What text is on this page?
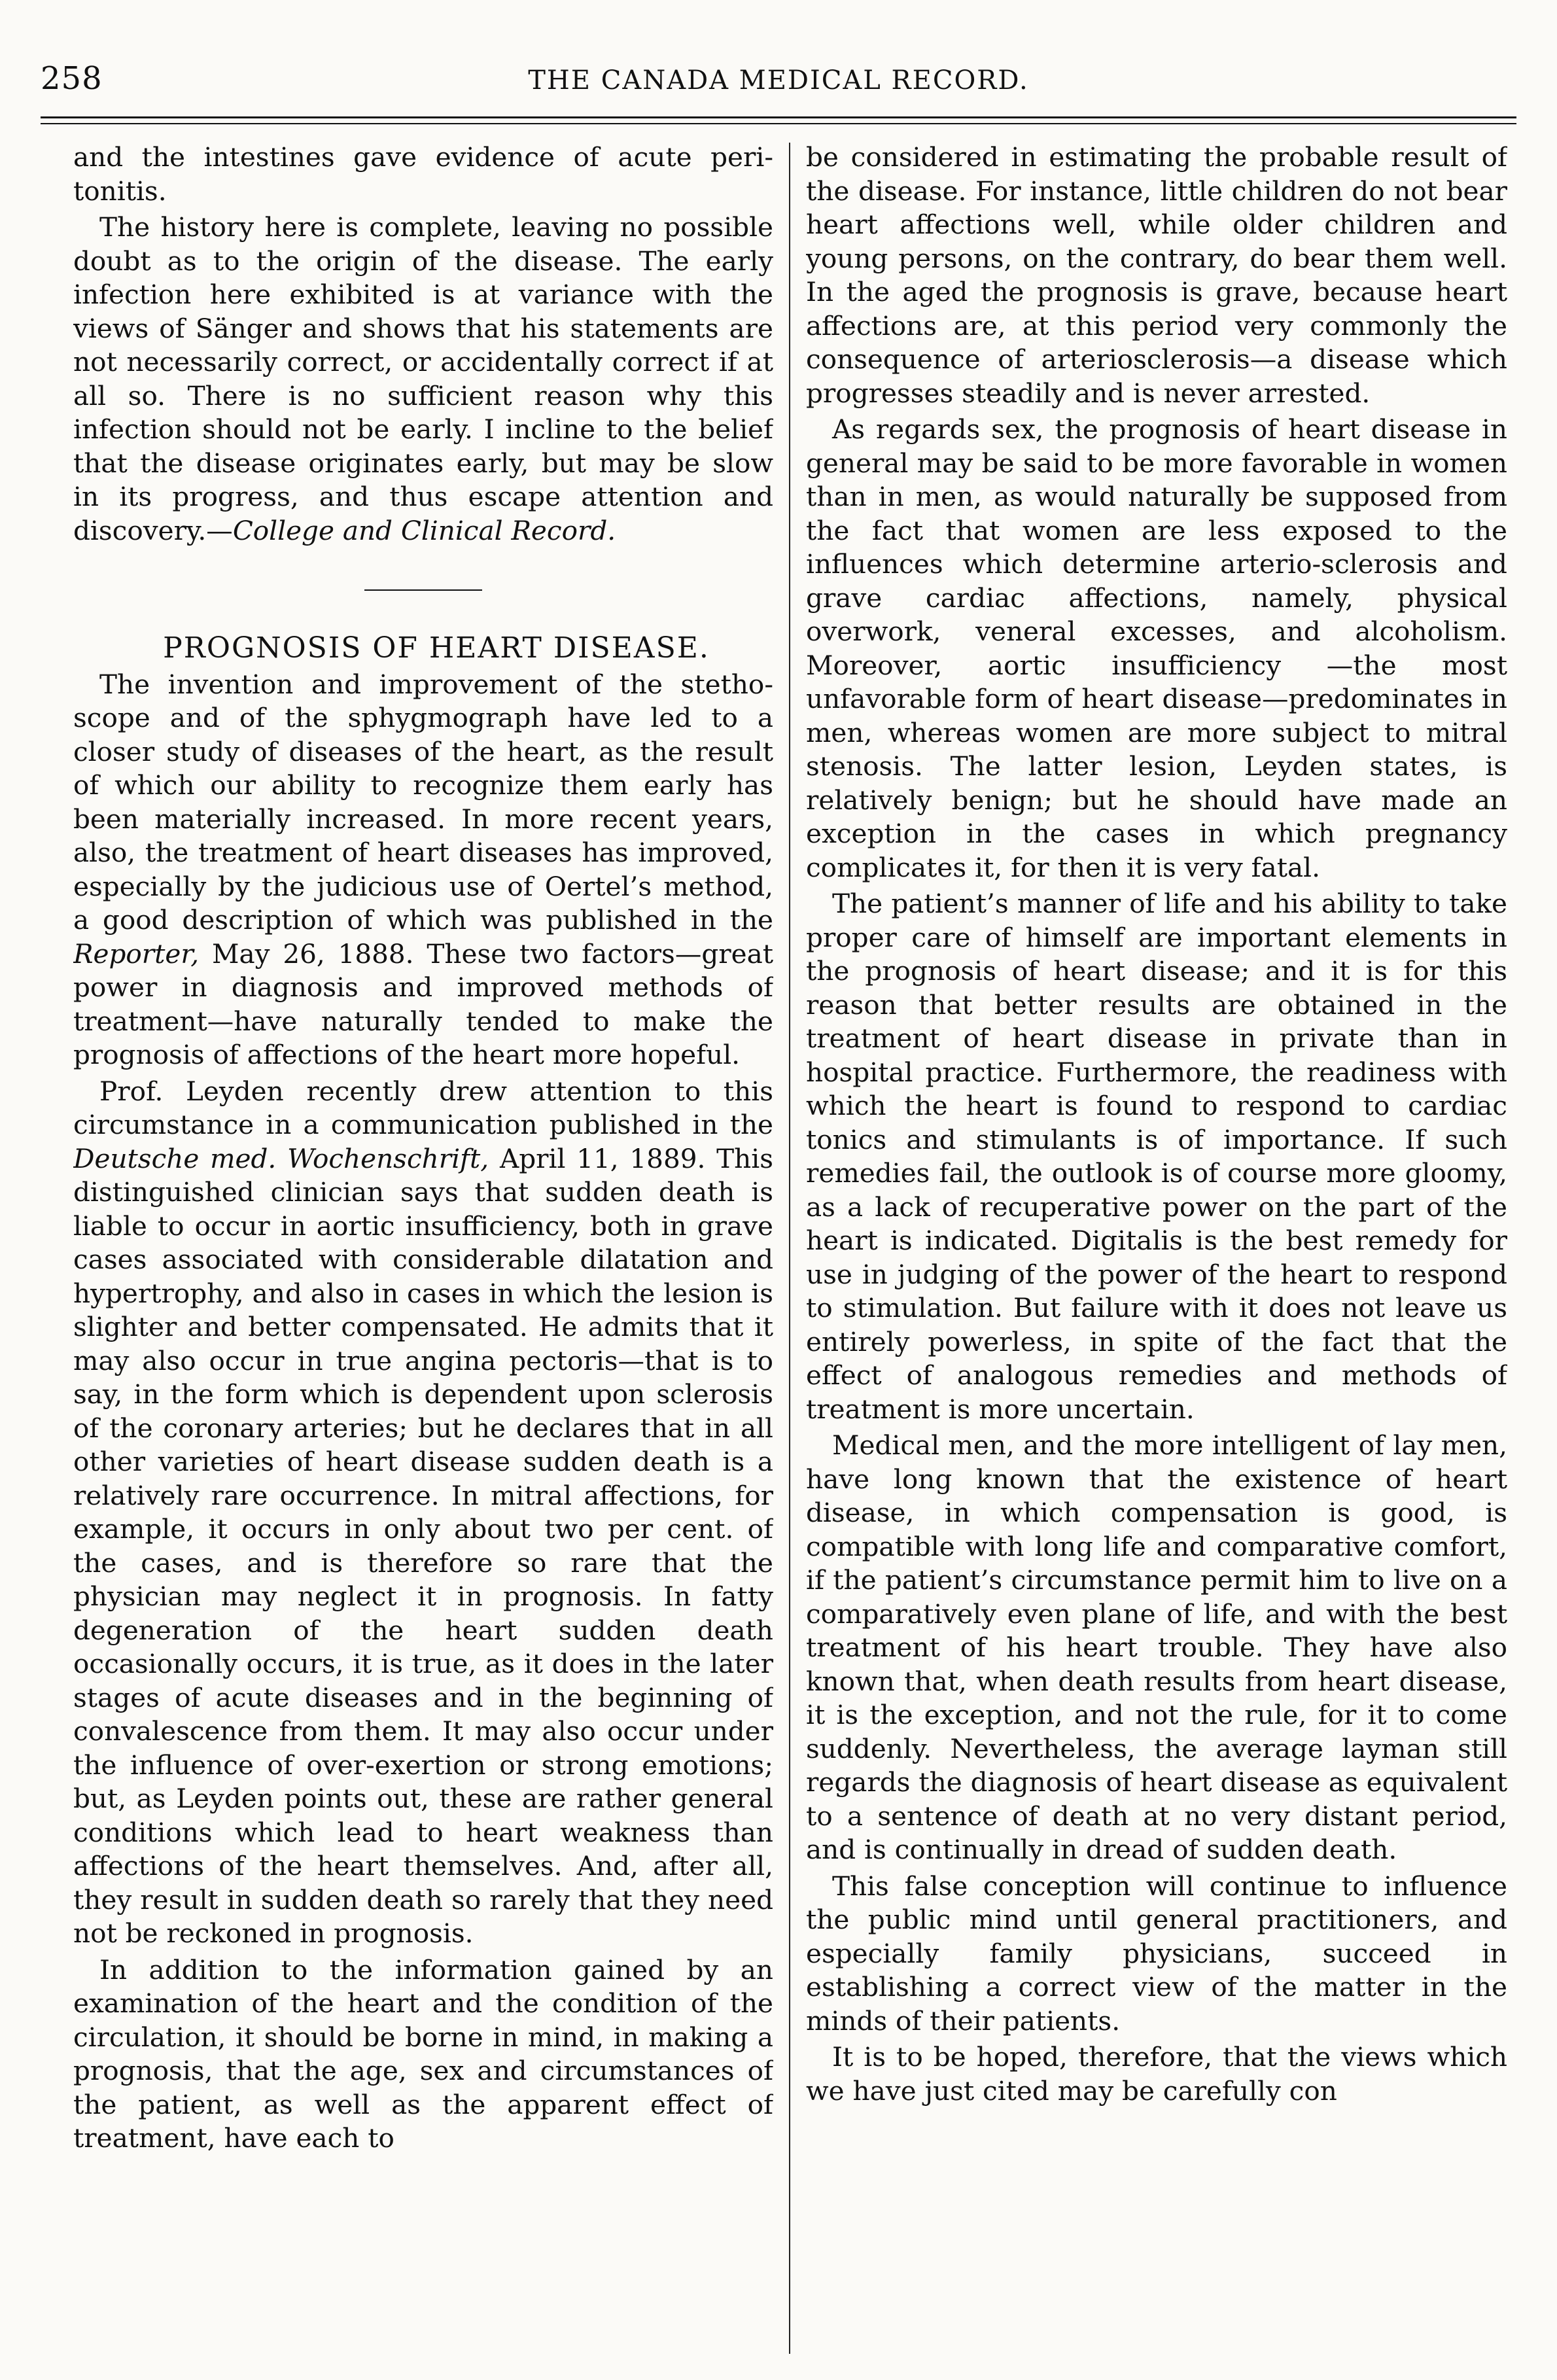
258	THE CANADA MEDICAL RECORD.

and the intestines gave evidence of acute peritonitis.

The history here is complete, leaving no possible doubt as to the origin of the disease. The early infection here exhibited is at variance with the views of Sänger and shows that his statements are not necessarily correct, or accidentally correct if at all so. There is no sufficient reason why this infection should not be early. I incline to the belief that the disease originates early, but may be slow in its progress, and thus escape attention and discovery.—College and Clinical Record.

PROGNOSIS OF HEART DISEASE.

The invention and improvement of the stethoscope and of the sphygmograph have led to a closer study of diseases of the heart, as the result of which our ability to recognize them early has been materially increased. In more recent years, also, the treatment of heart diseases has improved, especially by the judicious use of Oertel’s method, a good description of which was published in the Reporter, May 26, 1888. These two factors—great power in diagnosis and improved methods of treatment—have naturally tended to make the prognosis of affections of the heart more hopeful.

Prof. Leyden recently drew attention to this circumstance in a communication published in the Deutsche med. Wochenschrift, April 11, 1889. This distinguished clinician says that sudden death is liable to occur in aortic insufficiency, both in grave cases associated with considerable dilatation and hypertrophy, and also in cases in which the lesion is slighter and better compensated. He admits that it may also occur in true angina pectoris—that is to say, in the form which is dependent upon sclerosis of the coronary arteries; but he declares that in all other varieties of heart disease sudden death is a relatively rare occurrence. In mitral affections, for example, it occurs in only about two per cent. of the cases, and is therefore so rare that the physician may neglect it in prognosis. In fatty degeneration of the heart sudden death occasionally occurs, it is true, as it does in the later stages of acute diseases and in the beginning of convalescence from them. It may also occur under the influence of over-exertion or strong emotions; but, as Leyden points out, these are rather general conditions which lead to heart weakness than affections of the heart themselves. And, after all, they result in sudden death so rarely that they need not be reckoned in prognosis.

In addition to the information gained by an examination of the heart and the condition of the circulation, it should be borne in mind, in making a prognosis, that the age, sex and circumstances of the patient, as well as the apparent effect of treatment, have each to

be considered in estimating the probable result of the disease. For instance, little children do not bear heart affections well, while older children and young persons, on the contrary, do bear them well. In the aged the prognosis is grave, because heart affections are, at this period very commonly the consequence of arteriosclerosis—a disease which progresses steadily and is never arrested.

As regards sex, the prognosis of heart disease in general may be said to be more favorable in women than in men, as would naturally be supposed from the fact that women are less exposed to the influences which determine arterio-sclerosis and grave cardiac affections, namely, physical overwork, veneral excesses, and alcoholism. Moreover, aortic insufficiency —the most unfavorable form of heart disease—predominates in men, whereas women are more subject to mitral stenosis. The latter lesion, Leyden states, is relatively benign; but he should have made an exception in the cases in which pregnancy complicates it, for then it is very fatal.

The patient’s manner of life and his ability to take proper care of himself are important elements in the prognosis of heart disease; and it is for this reason that better results are obtained in the treatment of heart disease in private than in hospital practice. Furthermore, the readiness with which the heart is found to respond to cardiac tonics and stimulants is of importance. If such remedies fail, the outlook is of course more gloomy, as a lack of recuperative power on the part of the heart is indicated. Digitalis is the best remedy for use in judging of the power of the heart to respond to stimulation. But failure with it does not leave us entirely powerless, in spite of the fact that the effect of analogous remedies and methods of treatment is more uncertain.

Medical men, and the more intelligent of lay men, have long known that the existence of heart disease, in which compensation is good, is compatible with long life and comparative comfort, if the patient’s circumstance permit him to live on a comparatively even plane of life, and with the best treatment of his heart trouble. They have also known that, when death results from heart disease, it is the exception, and not the rule, for it to come suddenly. Nevertheless, the average layman still regards the diagnosis of heart disease as equivalent to a sentence of death at no very distant period, and is continually in dread of sudden death.

This false conception will continue to influence the public mind until general practitioners, and especially family physicians, succeed in establishing a correct view of the matter in the minds of their patients.

It is to be hoped, therefore, that the views which we have just cited may be carefully con
